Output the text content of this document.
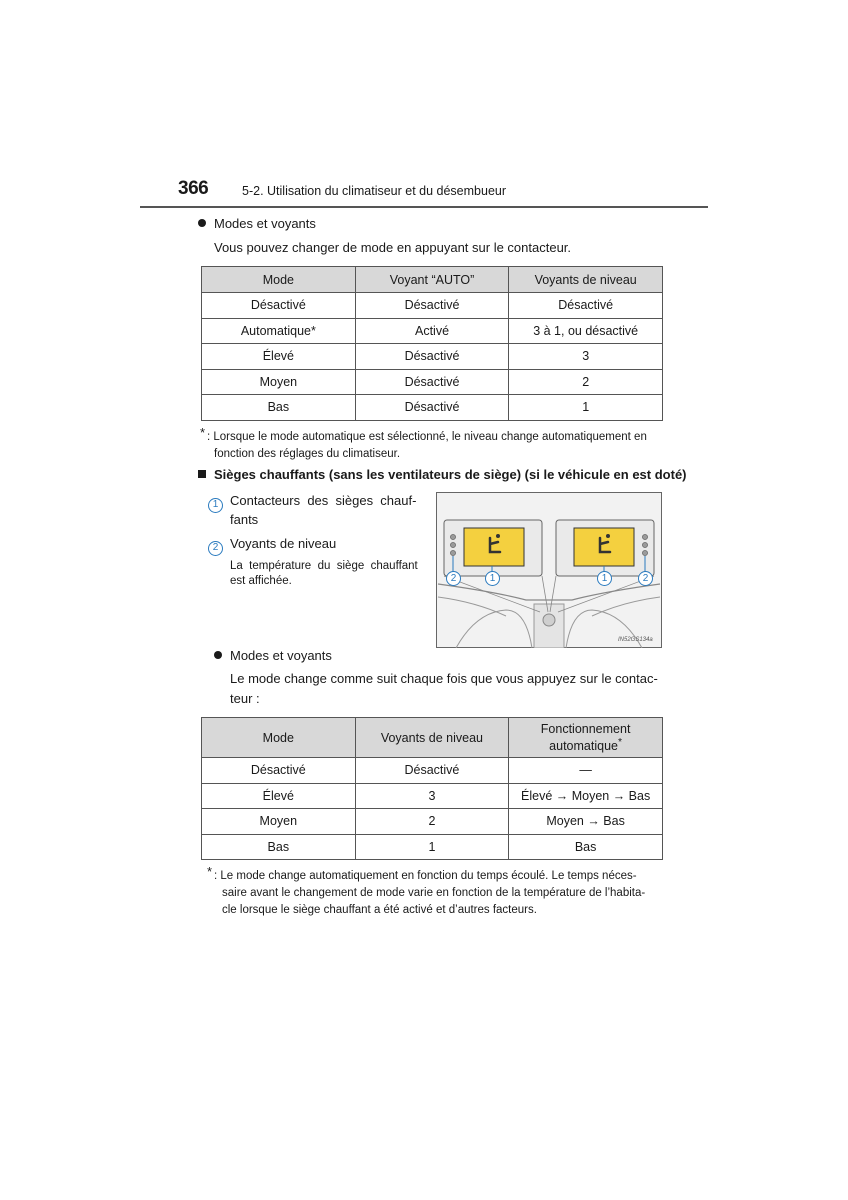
366	5-2. Utilisation du climatiseur et du désembueur
Modes et voyants
Vous pouvez changer de mode en appuyant sur le contacteur.
Mode	Voyant “AUTO”	Voyants de niveau
Désactivé	Désactivé	Désactivé
Automatique*	Activé	3 à 1, ou désactivé
Élevé	Désactivé	3
Moyen	Désactivé	2
Bas	Désactivé	1
* : Lorsque le mode automatique est sélectionné, le niveau change automatiquement en
fonction des réglages du climatiseur.
Sièges chauffants (sans les ventilateurs de siège) (si le véhicule en est doté)
1 Contacteurs  des  sièges  chauf-
fants
2 Voyants de niveau
La  température  du  siège  chauffant
est affichée.	2	1	1	2
IN52GS134a
Modes et voyants
Le mode change comme suit chaque fois que vous appuyez sur le contac-
teur :
Mode	Voyants de niveau	Fonctionnement
automatique*

Désactivé	Désactivé	—
Élevé	3	Élevé → Moyen → Bas
Moyen	2	Moyen → Bas
Bas	1	Bas
* : Le mode change automatiquement en fonction du temps écoulé. Le temps néces-
saire avant le changement de mode varie en fonction de la température de l’habita-
cle lorsque le siège chauffant a été activé et d’autres facteurs.
